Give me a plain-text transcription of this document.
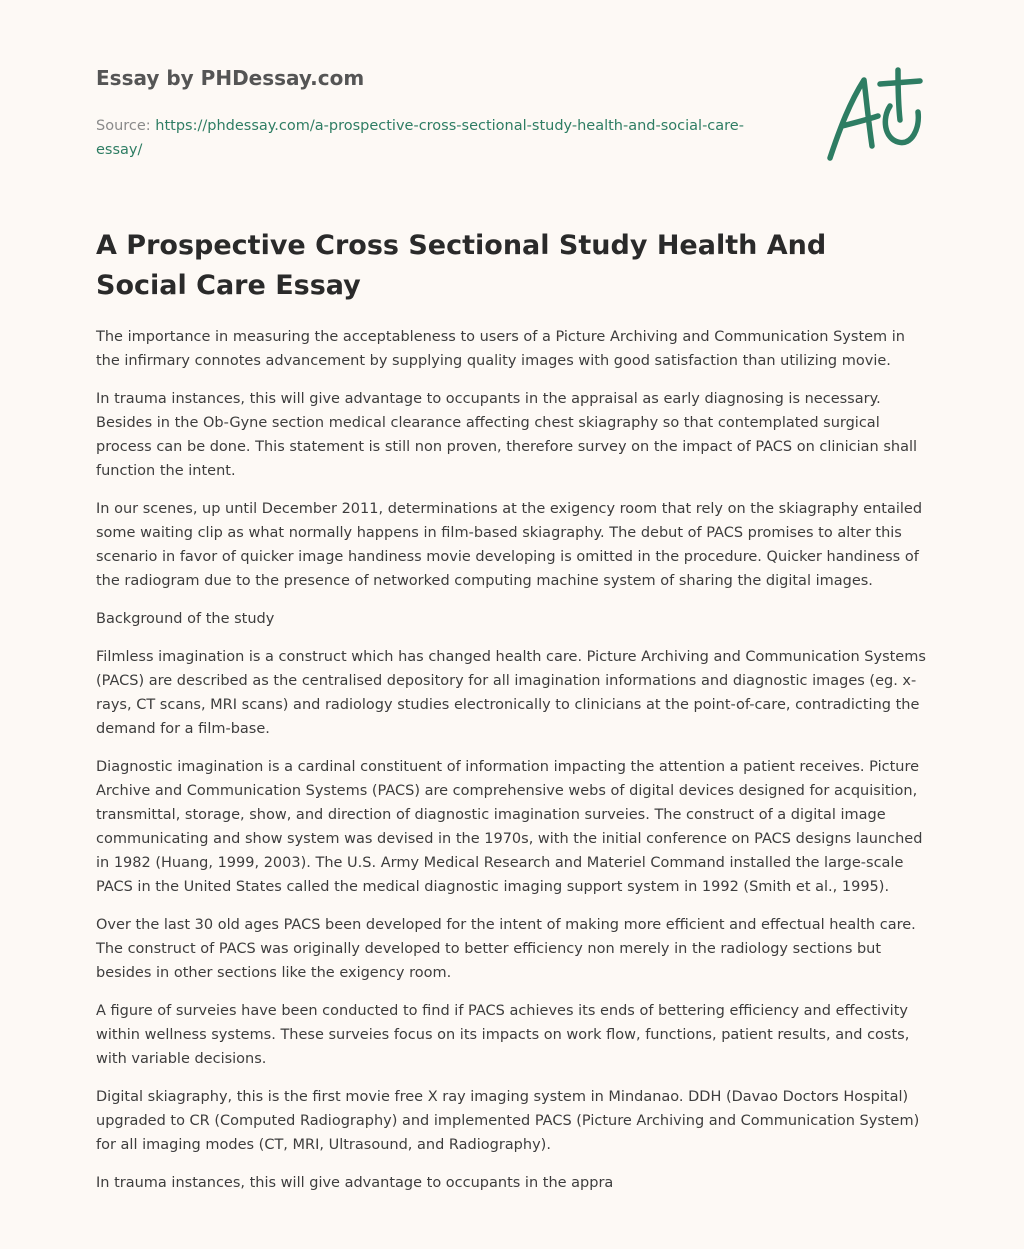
Essay by PHDessay.com
Source: https://phdessay.com/a-prospective-cross-sectional-study-health-and-social-care-essay/
A Prospective Cross Sectional Study Health And Social Care Essay

The importance in measuring the acceptableness to users of a Picture Archiving and Communication System in the infirmary connotes advancement by supplying quality images with good satisfaction than utilizing movie.

In trauma instances, this will give advantage to occupants in the appraisal as early diagnosing is necessary. Besides in the Ob-Gyne section medical clearance affecting chest skiagraphy so that contemplated surgical process can be done. This statement is still non proven, therefore survey on the impact of PACS on clinician shall function the intent.

In our scenes, up until December 2011, determinations at the exigency room that rely on the skiagraphy entailed some waiting clip as what normally happens in film-based skiagraphy. The debut of PACS promises to alter this scenario in favor of quicker image handiness movie developing is omitted in the procedure. Quicker handiness of the radiogram due to the presence of networked computing machine system of sharing the digital images.

Background of the study

Filmless imagination is a construct which has changed health care. Picture Archiving and Communication Systems (PACS) are described as the centralised depository for all imagination informations and diagnostic images (eg. x-rays, CT scans, MRI scans) and radiology studies electronically to clinicians at the point-of-care, contradicting the demand for a film-base.

Diagnostic imagination is a cardinal constituent of information impacting the attention a patient receives. Picture Archive and Communication Systems (PACS) are comprehensive webs of digital devices designed for acquisition, transmittal, storage, show, and direction of diagnostic imagination surveies. The construct of a digital image communicating and show system was devised in the 1970s, with the initial conference on PACS designs launched in 1982 (Huang, 1999, 2003). The U.S. Army Medical Research and Materiel Command installed the large-scale PACS in the United States called the medical diagnostic imaging support system in 1992 (Smith et al., 1995).

Over the last 30 old ages PACS been developed for the intent of making more efficient and effectual health care. The construct of PACS was originally developed to better efficiency non merely in the radiology sections but besides in other sections like the exigency room.

A figure of surveies have been conducted to find if PACS achieves its ends of bettering efficiency and effectivity within wellness systems. These surveies focus on its impacts on work flow, functions, patient results, and costs, with variable decisions.

Digital skiagraphy, this is the first movie free X ray imaging system in Mindanao. DDH (Davao Doctors Hospital) upgraded to CR (Computed Radiography) and implemented PACS (Picture Archiving and Communication System) for all imaging modes (CT, MRI, Ultrasound, and Radiography).

In trauma instances, this will give advantage to occupants in the appra
